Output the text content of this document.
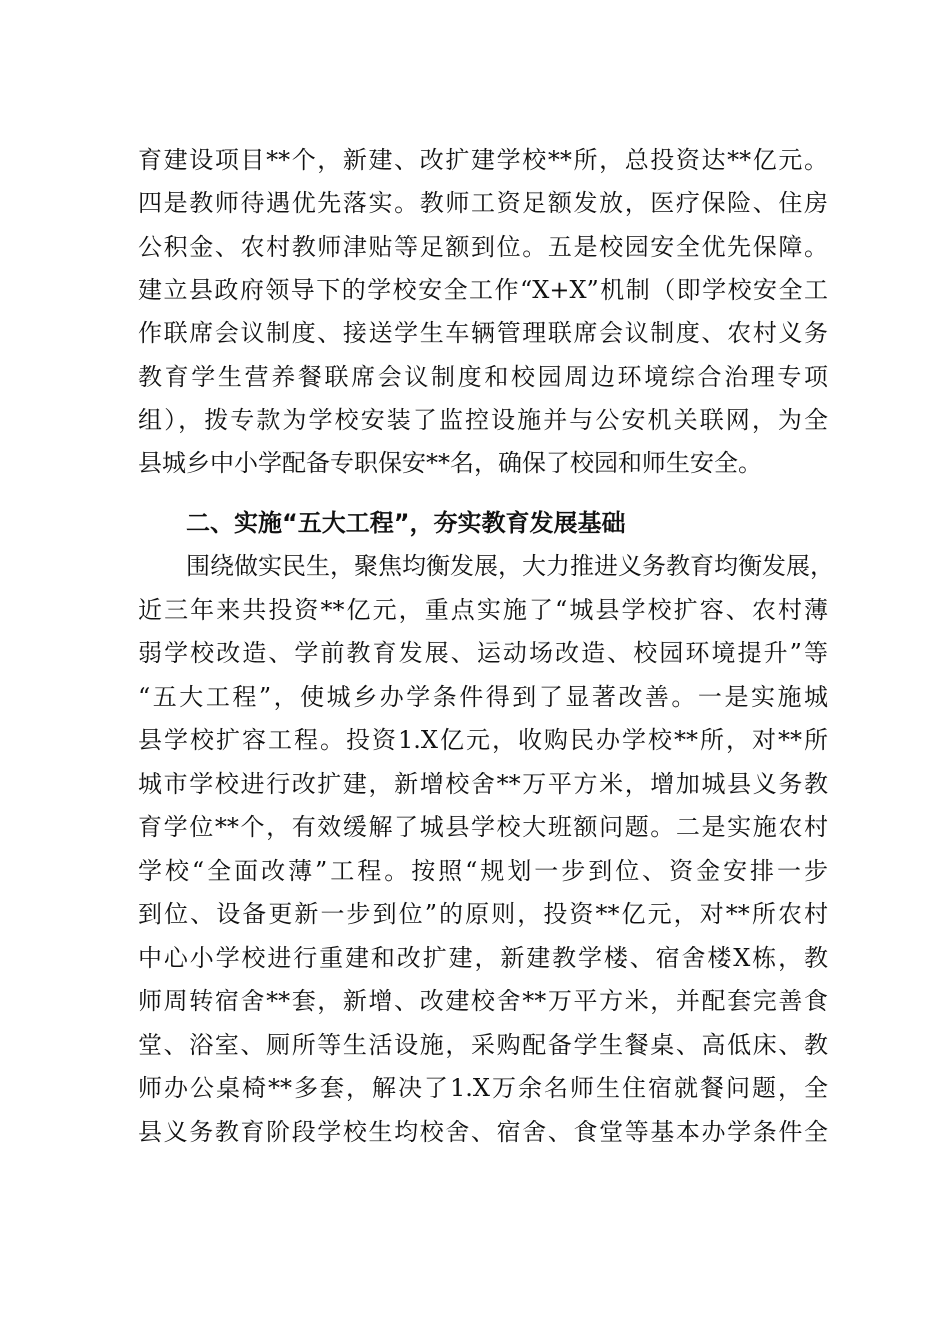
育建设项目**个，新建、改扩建学校**所，总投资达**亿元。
四是教师待遇优先落实。教师工资足额发放，医疗保险、住房
公积金、农村教师津贴等足额到位。五是校园安全优先保障。
建立县政府领导下的学校安全工作“X+X”机制（即学校安全工
作联席会议制度、接送学生车辆管理联席会议制度、农村义务
教育学生营养餐联席会议制度和校园周边环境综合治理专项
组），拨专款为学校安装了监控设施并与公安机关联网，为全
县城乡中小学配备专职保安**名，确保了校园和师生安全。
二、实施“五大工程”，夯实教育发展基础
围绕做实民生，聚焦均衡发展，大力推进义务教育均衡发展，
近三年来共投资**亿元，重点实施了“城县学校扩容、农村薄
弱学校改造、学前教育发展、运动场改造、校园环境提升”等
“五大工程”，使城乡办学条件得到了显著改善。一是实施城
县学校扩容工程。投资1.X亿元，收购民办学校**所，对**所
城市学校进行改扩建，新增校舍**万平方米，增加城县义务教
育学位**个，有效缓解了城县学校大班额问题。二是实施农村
学校“全面改薄”工程。按照“规划一步到位、资金安排一步
到位、设备更新一步到位”的原则，投资**亿元，对**所农村
中心小学校进行重建和改扩建，新建教学楼、宿舍楼X栋，教
师周转宿舍**套，新增、改建校舍**万平方米，并配套完善食
堂、浴室、厕所等生活设施，采购配备学生餐桌、高低床、教
师办公桌椅**多套，解决了1.X万余名师生住宿就餐问题，全
县义务教育阶段学校生均校舍、宿舍、食堂等基本办学条件全
